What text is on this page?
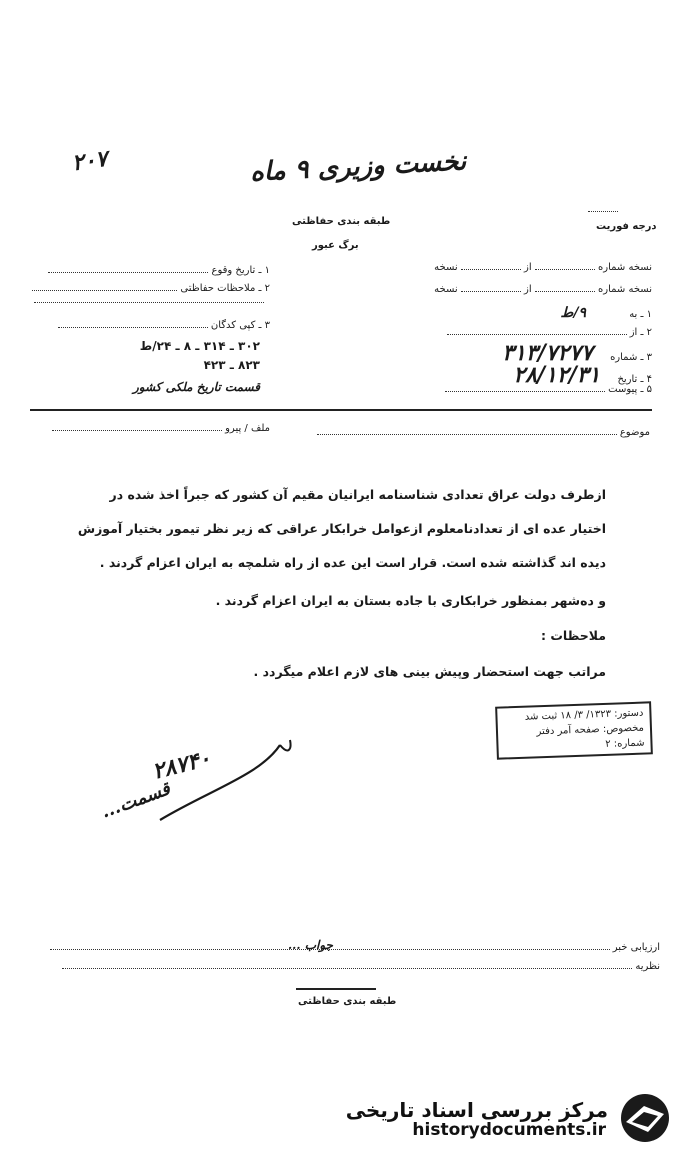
۲۰۷	نخست وزیری ۹ ماه
طبقه بندی حفاظتی
برگ عبور
درجه فوریت
نسخه شماره  از  نسخه
نسخه شماره  از  نسخه
۱ ـ به ۹/ط
۲ ـ از
۳ ـ شماره ۳۱۳/۷۲۷۷
۴ ـ تاریخ ۲۸/۱۲/۳۱
۵ ـ پیوست
۱ ـ تاریخ وقوع
۲ ـ ملاحظات حفاظتی
۳ ـ کپی کدگان
۳۰۲ ـ ۳۱۴ ـ ۸ ـ ۲۴/ط
۸۲۳ ـ ۴۲۳
قسمت تاریخ ملکی کشور
ملف / پیرو	موضوع
ازطرف دولت عراق تعدادی شناسنامه ایرانیان مقیم آن کشور که جبراً اخذ شده در
اختیار عده ای از تعدادنامعلوم ازعوامل خرابکار عراقی که زیر نظر تیمور بختیار آموزش
دیده اند گذاشته شده است. قرار است این عده از راه شلمچه به ایران اعزام گردند .
و ده‌شهر بمنظور خرابکاری با جاده بستان به ایران اعزام گردند .
ملاحظات :
مراتب جهت استحضار وپیش بینی های لازم اعلام میگردد .
دستور: ۱۳۲۳/ ۳/ ۱۸ ثبت شد
مخصوص: صفحه آمر دفتر
شماره: ۲
۲۸۷۴۰
قسمت...
ارزیابی خبر
نظریه
جواب ...
طبقه بندی حفاظتی
مرکز بررسی اسناد تاریخی
historydocuments.ir
